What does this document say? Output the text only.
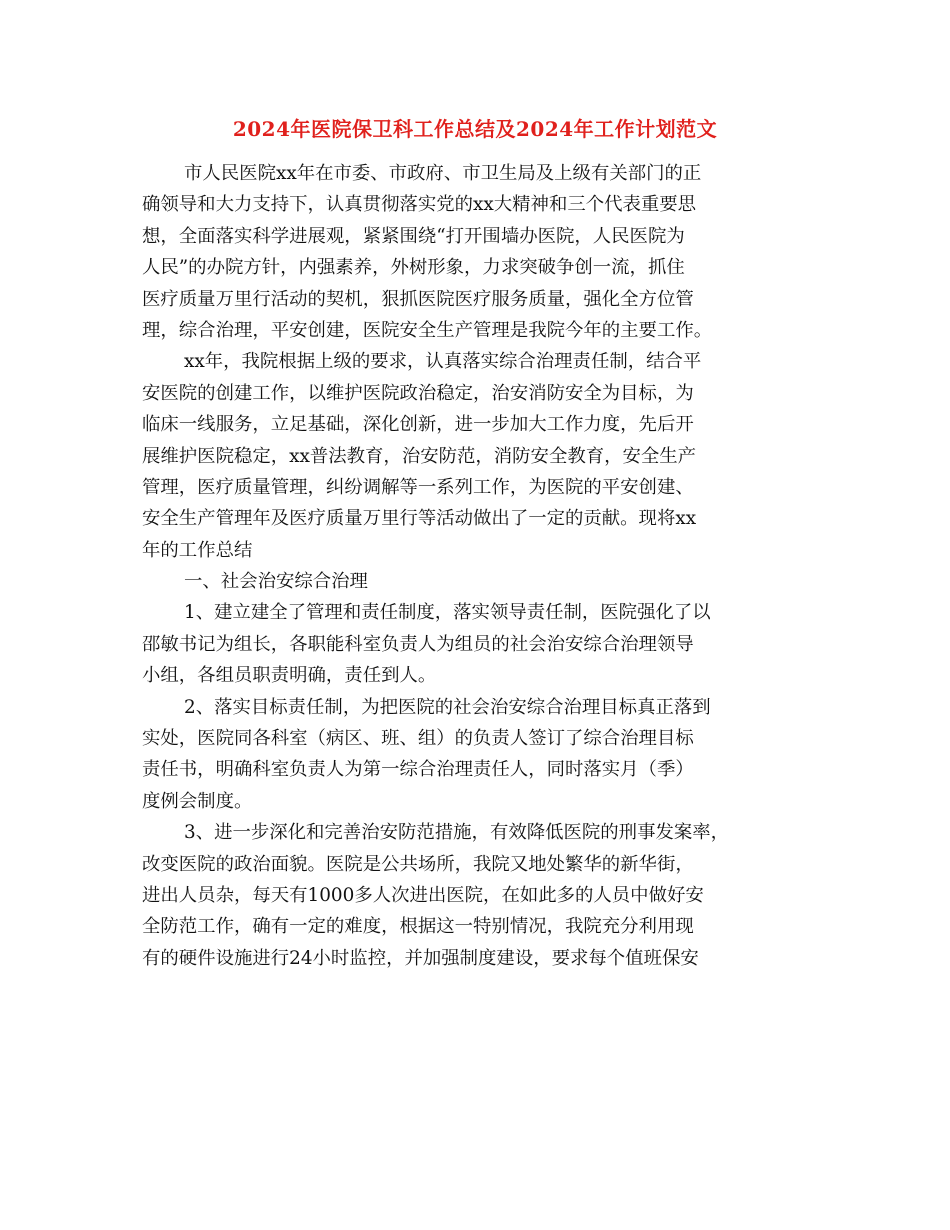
2024年医院保卫科工作总结及2024年工作计划范文

市人民医院xx年在市委、市政府、市卫生局及上级有关部门的正
确领导和大力支持下，认真贯彻落实党的xx大精神和三个代表重要思
想，全面落实科学进展观，紧紧围绕“打开围墙办医院，人民医院为
人民”的办院方针，内强素养，外树形象，力求突破争创一流，抓住
医疗质量万里行活动的契机，狠抓医院医疗服务质量，强化全方位管
理，综合治理，平安创建，医院安全生产管理是我院今年的主要工作。

xx年，我院根据上级的要求，认真落实综合治理责任制，结合平
安医院的创建工作，以维护医院政治稳定，治安消防安全为目标，为
临床一线服务，立足基础，深化创新，进一步加大工作力度，先后开
展维护医院稳定，xx普法教育，治安防范，消防安全教育，安全生产
管理，医疗质量管理，纠纷调解等一系列工作，为医院的平安创建、
安全生产管理年及医疗质量万里行等活动做出了一定的贡献。现将xx
年的工作总结

一、社会治安综合治理

1、建立建全了管理和责任制度，落实领导责任制，医院强化了以
邵敏书记为组长，各职能科室负责人为组员的社会治安综合治理领导
小组，各组员职责明确，责任到人。

2、落实目标责任制，为把医院的社会治安综合治理目标真正落到
实处，医院同各科室（病区、班、组）的负责人签订了综合治理目标
责任书，明确科室负责人为第一综合治理责任人，同时落实月（季）
度例会制度。

3、进一步深化和完善治安防范措施，有效降低医院的刑事发案率，
改变医院的政治面貌。医院是公共场所，我院又地处繁华的新华街，
进出人员杂，每天有1000多人次进出医院，在如此多的人员中做好安
全防范工作，确有一定的难度，根据这一特别情况，我院充分利用现
有的硬件设施进行24小时监控，并加强制度建设，要求每个值班保安
